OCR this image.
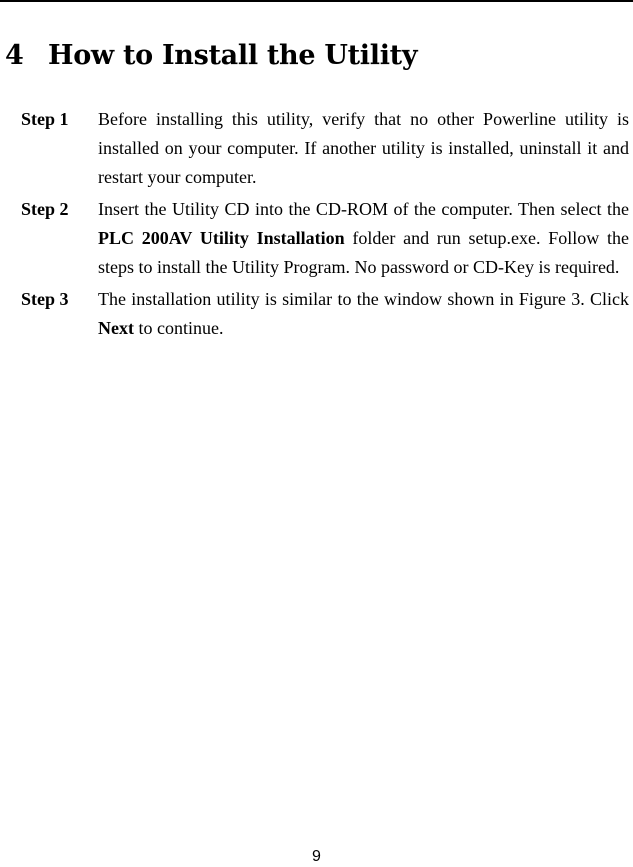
4 How to Install the Utility
Step 1 Before installing this utility, verify that no other Powerline utility is installed on your computer. If another utility is installed, uninstall it and restart your computer.
Step 2 Insert the Utility CD into the CD-ROM of the computer. Then select the PLC 200AV Utility Installation folder and run setup.exe. Follow the steps to install the Utility Program. No password or CD-Key is required.
Step 3 The installation utility is similar to the window shown in Figure 3. Click Next to continue.
9
